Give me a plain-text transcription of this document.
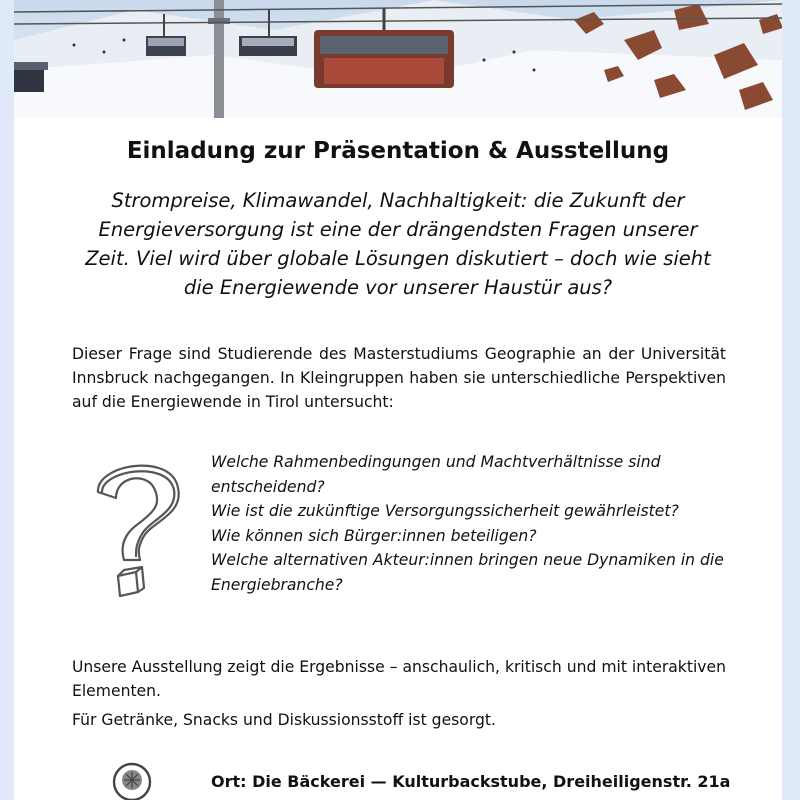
Einladung zur Präsentation & Ausstellung
Strompreise, Klimawandel, Nachhaltigkeit: die Zukunft der Energieversorgung ist eine der drängendsten Fragen unserer Zeit. Viel wird über globale Lösungen diskutiert – doch wie sieht die Energiewende vor unserer Haustür aus?
Dieser Frage sind Studierende des Masterstudiums Geographie an der Universität Innsbruck nachgegangen. In Kleingruppen haben sie unterschiedliche Perspektiven auf die Energiewende in Tirol untersucht:
Welche Rahmenbedingungen und Machtverhältnisse sind entscheidend?
Wie ist die zukünftige Versorgungssicherheit gewährleistet?
Wie können sich Bürger:innen beteiligen?
Welche alternativen Akteur:innen bringen neue Dynamiken in die Energiebranche?
Unsere Ausstellung zeigt die Ergebnisse – anschaulich, kritisch und mit interaktiven Elementen.
Für Getränke, Snacks und Diskussionsstoff ist gesorgt.
Ort: Die Bäckerei — Kulturbackstube, Dreiheiligenstr. 21a
